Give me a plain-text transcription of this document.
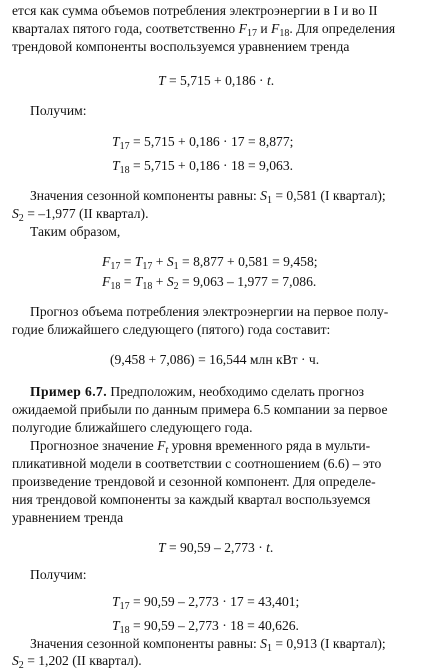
ется как сумма объемов потребления электроэнергии в I и во II
кварталах пятого года, соответственно $F_{17}$ и $F_{18}$. Для определения
трендовой компоненты воспользуемся уравнением тренда
T = 5,715 + 0,186 · t.
Получим:
$T_{17} = 5,715 + 0,186 \cdot 17 = 8,877$;
$T_{18} = 5,715 + 0,186 \cdot 18 = 9,063$.
Значения сезонной компоненты равны: $S_1 = 0,581$ (I квартал);
$S_2 = -1,977$ (II квартал).
Таким образом,
$F_{17} = T_{17} + S_1 = 8,877 + 0,581 = 9,458$;
$F_{18} = T_{18} + S_2 = 9,063 - 1,977 = 7,086$.
Прогноз объема потребления электроэнергии на первое полу-
годие ближайшего следующего (пятого) года составит:
(9,458 + 7,086) = 16,544 млн кВт · ч.
Пример 6.7. Предположим, необходимо сделать прогноз
ожидаемой прибыли по данным примера 6.5 компании за первое
полугодие ближайшего следующего года.
Прогнозное значение $F_t$ уровня временного ряда в мульти-
пликативной модели в соответствии с соотношением (6.6) – это
произведение трендовой и сезонной компонент. Для определе-
ния трендовой компоненты за каждый квартал воспользуемся
уравнением тренда
T = 90,59 – 2,773 · t.
Получим:
$T_{17} = 90,59 - 2,773 \cdot 17 = 43,401$;
$T_{18} = 90,59 - 2,773 \cdot 18 = 40,626$.
Значения сезонной компоненты равны: $S_1 = 0,913$ (I квартал);
$S_2 = 1,202$ (II квартал).
